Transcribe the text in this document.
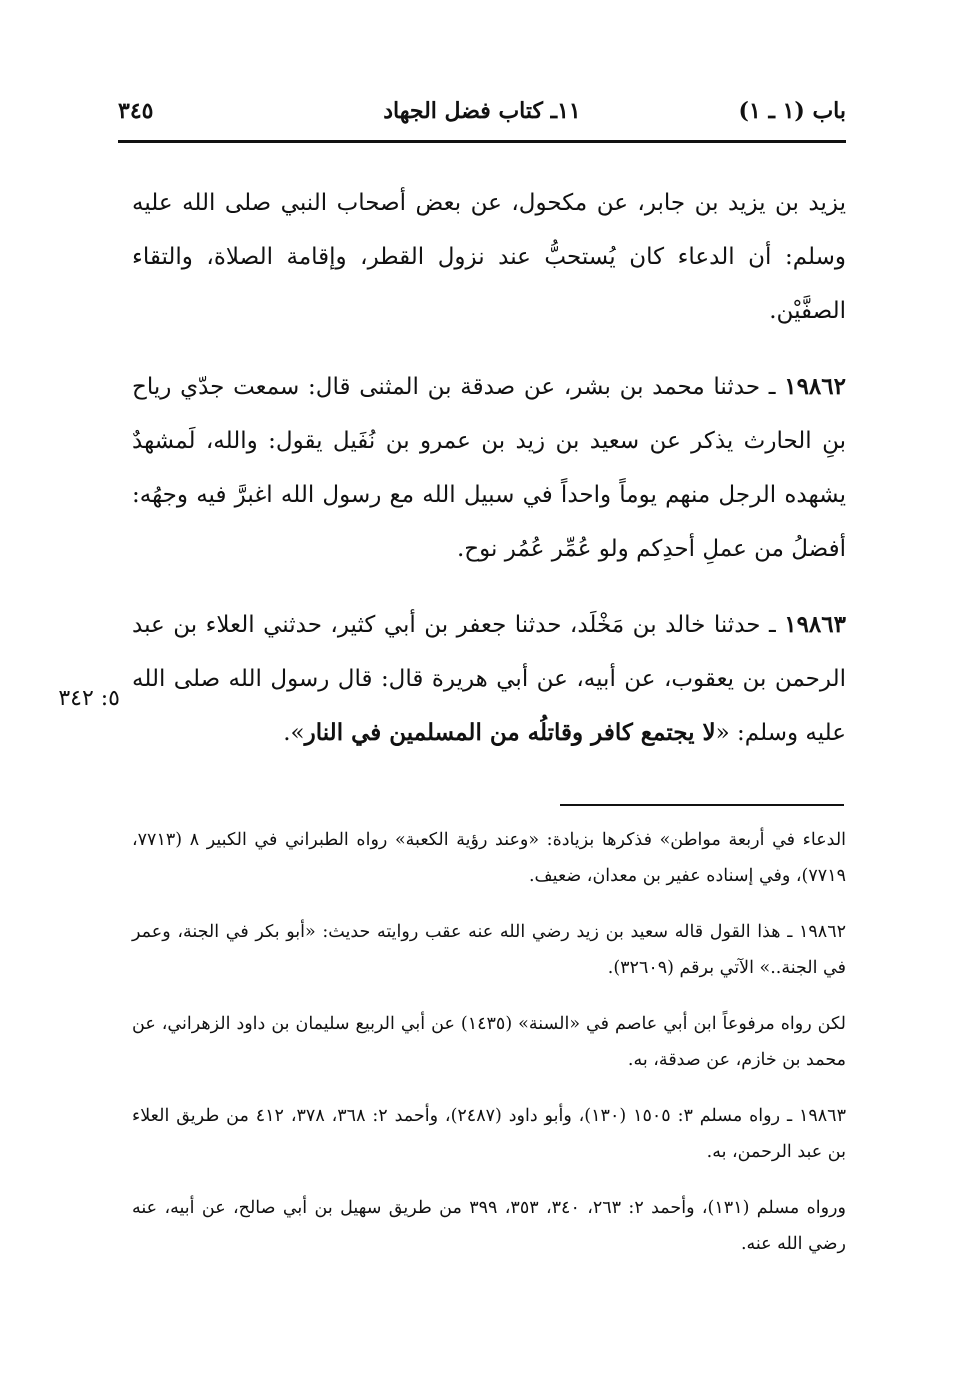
باب (١ ـ ١)
١١ـ كتاب فضل الجهاد
٣٤٥

يزيد بن يزيد بن جابر، عن مكحول، عن بعض أصحاب النبي صلى الله عليه وسلم: أن الدعاء كان يُستحبُّ عند نزول القطر، وإقامة الصلاة، والتقاء الصفَّيْن.

١٩٨٦٢ ـ حدثنا محمد بن بشر، عن صدقة بن المثنى قال: سمعت جدّي رياح بنِ الحارث يذكر عن سعيد بن زيد بن عمرو بن نُفَيل يقول: والله، لَمشهدٌ يشهده الرجل منهم يوماً واحداً في سبيل الله مع رسول الله اغبرَّ فيه وجهُه: أفضلُ من عملِ أحدِكم ولو عُمِّر عُمُر نوح.

١٩٨٦٣ ـ حدثنا خالد بن مَخْلَد، حدثنا جعفر بن أبي كثير، حدثني العلاء بن عبد الرحمن بن يعقوب، عن أبيه، عن أبي هريرة قال: قال رسول الله صلى الله عليه وسلم: «لا يجتمع كافر وقاتلُه من المسلمين في النار».

٥: ٣٤٢

الدعاء في أربعة مواطن» فذكرها بزيادة: «وعند رؤية الكعبة» رواه الطبراني في الكبير ٨ (٧٧١٣، ٧٧١٩)، وفي إسناده عفير بن معدان، ضعيف.

١٩٨٦٢ ـ هذا القول قاله سعيد بن زيد رضي الله عنه عقب روايته حديث: «أبو بكر في الجنة، وعمر في الجنة..» الآتي برقم (٣٢٦٠٩).

لكن رواه مرفوعاً ابن أبي عاصم في «السنة» (١٤٣٥) عن أبي الربيع سليمان بن داود الزهراني، عن محمد بن خازم، عن صدقة، به.

١٩٨٦٣ ـ رواه مسلم ٣: ١٥٠٥ (١٣٠)، وأبو داود (٢٤٨٧)، وأحمد ٢: ٣٦٨، ٣٧٨، ٤١٢ من طريق العلاء بن عبد الرحمن، به.

ورواه مسلم (١٣١)، وأحمد ٢: ٢٦٣، ٣٤٠، ٣٥٣، ٣٩٩ من طريق سهيل بن أبي صالح، عن أبيه، عنه رضي الله عنه.
